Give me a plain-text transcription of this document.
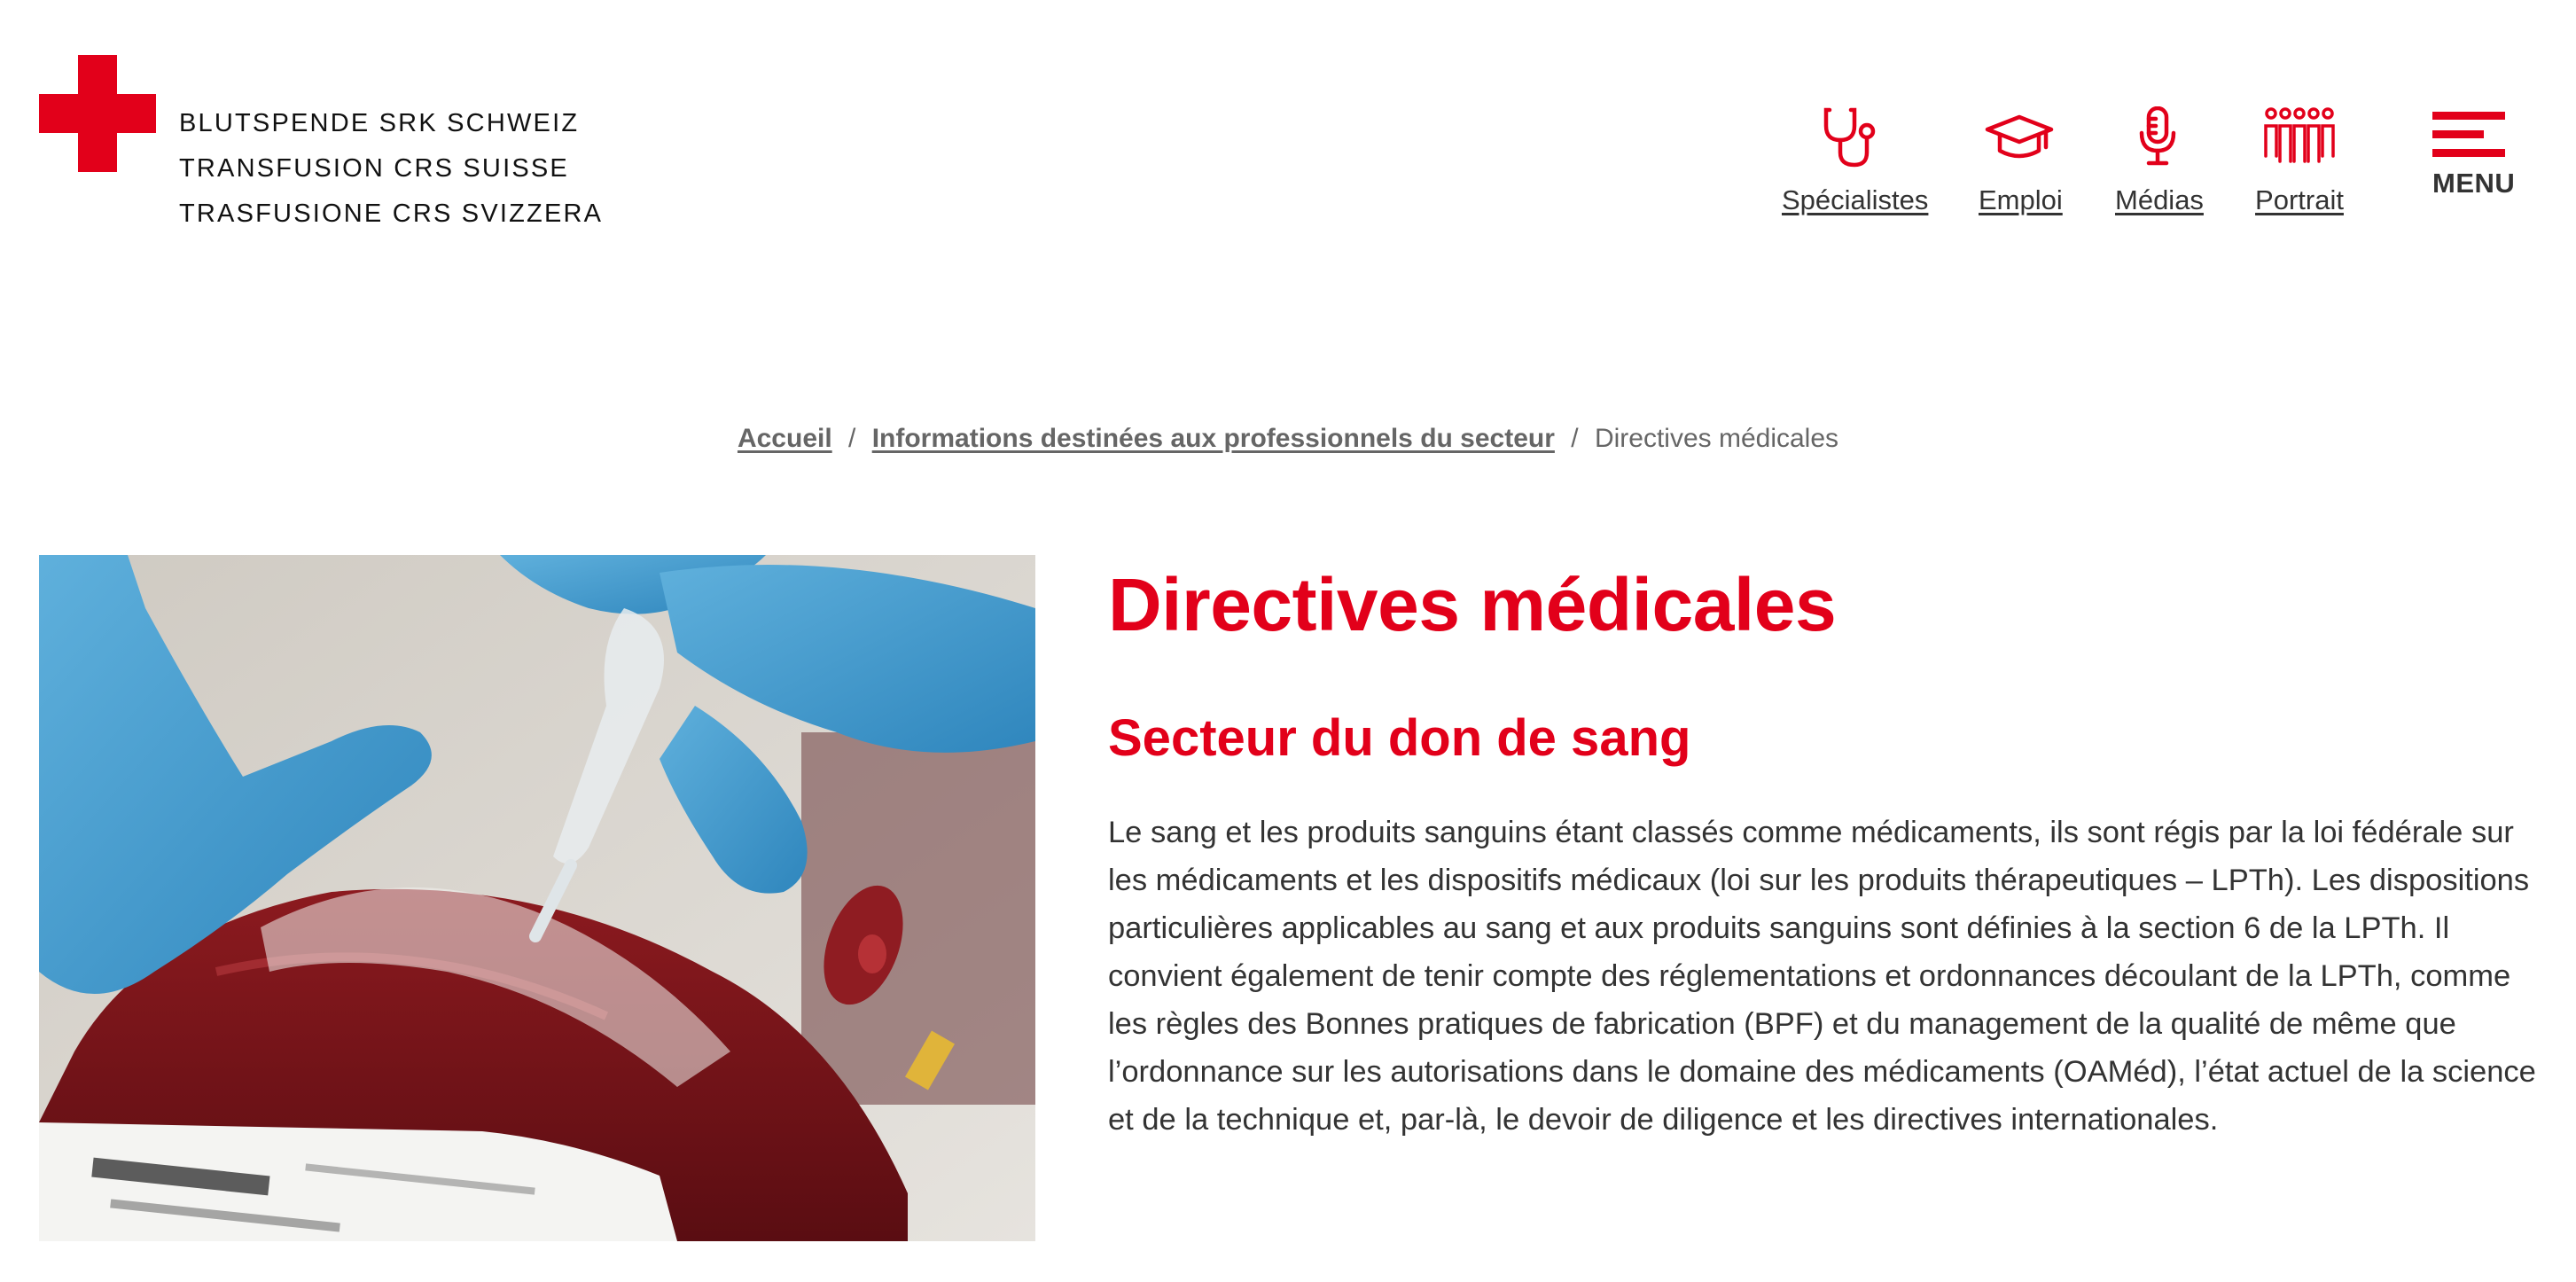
BLUTSPENDE SRK SCHWEIZ
TRANSFUSION CRS SUISSE
TRASFUSIONE CRS SVIZZERA	Spécialistes Emploi Médias Portrait
MENU
Accueil / Informations destinées aux professionnels du secteur / Directives médicales
Directives médicales
Secteur du don de sang

Le sang et les produits sanguins étant classés comme médicaments, ils sont régis par la loi fédérale sur les médicaments et les dispositifs médicaux (loi sur les produits thérapeutiques – LPTh). Les dispositions particulières applicables au sang et aux produits sanguins sont définies à la section 6 de la LPTh. Il convient également de tenir compte des réglementations et ordonnances découlant de la LPTh, comme les règles des Bonnes pratiques de fabrication (BPF) et du management de la qualité de même que l’ordonnance sur les autorisations dans le domaine des médicaments (OAMéd), l’état actuel de la science et de la technique et, par-là, le devoir de diligence et les directives internationales.
